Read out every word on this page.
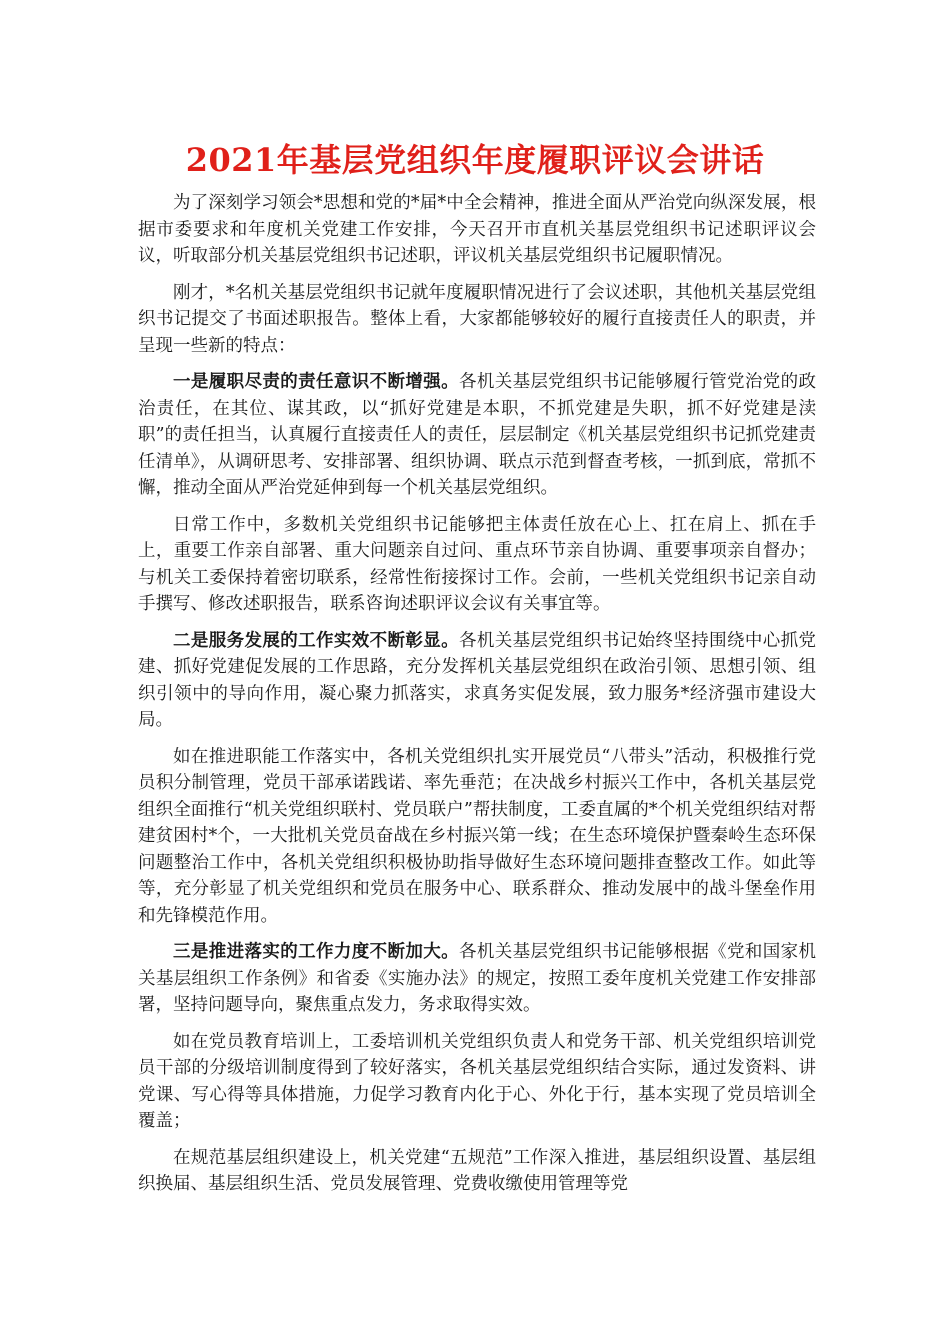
2021年基层党组织年度履职评议会讲话

为了深刻学习领会*思想和党的*届*中全会精神，推进全面从严治党向纵深发展，根据市委要求和年度机关党建工作安排，今天召开市直机关基层党组织书记述职评议会议，听取部分机关基层党组织书记述职，评议机关基层党组织书记履职情况。

刚才，*名机关基层党组织书记就年度履职情况进行了会议述职，其他机关基层党组织书记提交了书面述职报告。整体上看，大家都能够较好的履行直接责任人的职责，并呈现一些新的特点：

一是履职尽责的责任意识不断增强。各机关基层党组织书记能够履行管党治党的政治责任，在其位、谋其政，以“抓好党建是本职，不抓党建是失职，抓不好党建是渎职”的责任担当，认真履行直接责任人的责任，层层制定《机关基层党组织书记抓党建责任清单》，从调研思考、安排部署、组织协调、联点示范到督查考核，一抓到底，常抓不懈，推动全面从严治党延伸到每一个机关基层党组织。

日常工作中，多数机关党组织书记能够把主体责任放在心上、扛在肩上、抓在手上，重要工作亲自部署、重大问题亲自过问、重点环节亲自协调、重要事项亲自督办；与机关工委保持着密切联系，经常性衔接探讨工作。会前，一些机关党组织书记亲自动手撰写、修改述职报告，联系咨询述职评议会议有关事宜等。

二是服务发展的工作实效不断彰显。各机关基层党组织书记始终坚持围绕中心抓党建、抓好党建促发展的工作思路，充分发挥机关基层党组织在政治引领、思想引领、组织引领中的导向作用，凝心聚力抓落实，求真务实促发展，致力服务*经济强市建设大局。

如在推进职能工作落实中，各机关党组织扎实开展党员“八带头”活动，积极推行党员积分制管理，党员干部承诺践诺、率先垂范；在决战乡村振兴工作中，各机关基层党组织全面推行“机关党组织联村、党员联户”帮扶制度，工委直属的*个机关党组织结对帮建贫困村*个，一大批机关党员奋战在乡村振兴第一线；在生态环境保护暨秦岭生态环保问题整治工作中，各机关党组织积极协助指导做好生态环境问题排查整改工作。如此等等，充分彰显了机关党组织和党员在服务中心、联系群众、推动发展中的战斗堡垒作用和先锋模范作用。

三是推进落实的工作力度不断加大。各机关基层党组织书记能够根据《党和国家机关基层组织工作条例》和省委《实施办法》的规定，按照工委年度机关党建工作安排部署，坚持问题导向，聚焦重点发力，务求取得实效。

如在党员教育培训上，工委培训机关党组织负责人和党务干部、机关党组织培训党员干部的分级培训制度得到了较好落实，各机关基层党组织结合实际，通过发资料、讲党课、写心得等具体措施，力促学习教育内化于心、外化于行，基本实现了党员培训全覆盖；

在规范基层组织建设上，机关党建“五规范”工作深入推进，基层组织设置、基层组织换届、基层组织生活、党员发展管理、党费收缴使用管理等党
